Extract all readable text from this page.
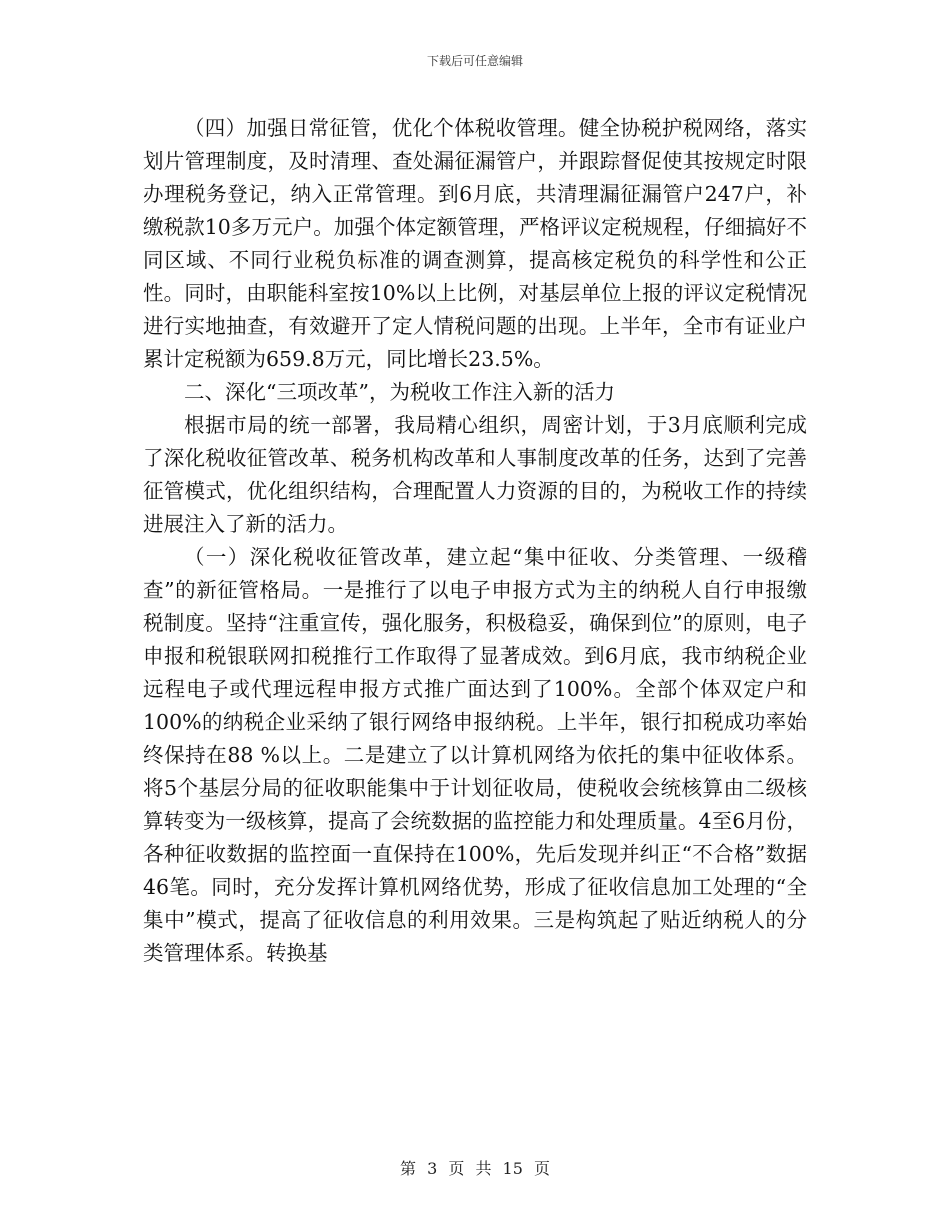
下载后可任意编辑

（四）加强日常征管，优化个体税收管理。健全协税护税网络，落实划片管理制度，及时清理、查处漏征漏管户，并跟踪督促使其按规定时限办理税务登记，纳入正常管理。到6月底，共清理漏征漏管户247户，补缴税款10多万元户。加强个体定额管理，严格评议定税规程，仔细搞好不同区域、不同行业税负标准的调查测算，提高核定税负的科学性和公正性。同时，由职能科室按10%以上比例，对基层单位上报的评议定税情况进行实地抽查，有效避开了定人情税问题的出现。上半年，全市有证业户累计定税额为659.8万元，同比增长23.5%。

二、深化“三项改革”，为税收工作注入新的活力

根据市局的统一部署，我局精心组织，周密计划，于3月底顺利完成了深化税收征管改革、税务机构改革和人事制度改革的任务，达到了完善征管模式，优化组织结构，合理配置人力资源的目的，为税收工作的持续进展注入了新的活力。

（一）深化税收征管改革，建立起“集中征收、分类管理、一级稽查”的新征管格局。一是推行了以电子申报方式为主的纳税人自行申报缴税制度。坚持“注重宣传，强化服务，积极稳妥，确保到位”的原则，电子申报和税银联网扣税推行工作取得了显著成效。到6月底，我市纳税企业远程电子或代理远程申报方式推广面达到了100%。全部个体双定户和100%的纳税企业采纳了银行网络申报纳税。上半年，银行扣税成功率始终保持在88 %以上。二是建立了以计算机网络为依托的集中征收体系。将5个基层分局的征收职能集中于计划征收局，使税收会统核算由二级核算转变为一级核算，提高了会统数据的监控能力和处理质量。4至6月份，各种征收数据的监控面一直保持在100%，先后发现并纠正“不合格”数据46笔。同时，充分发挥计算机网络优势，形成了征收信息加工处理的“全集中”模式，提高了征收信息的利用效果。三是构筑起了贴近纳税人的分类管理体系。转换基

第 3 页 共 15 页
